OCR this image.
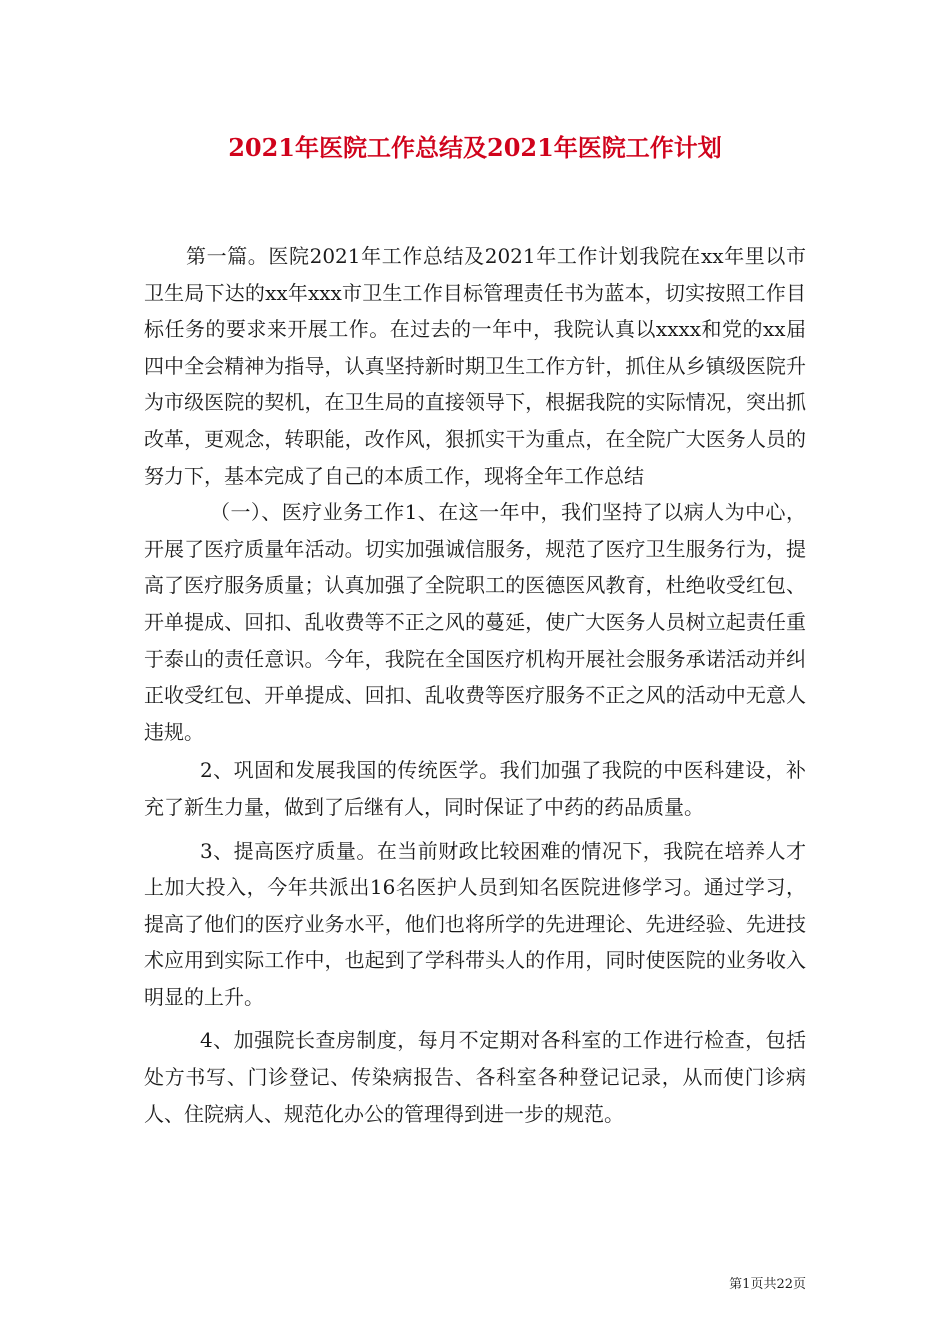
2021年医院工作总结及2021年医院工作计划

第一篇。医院2021年工作总结及2021年工作计划我院在xx年里以市卫生局下达的xx年xxx市卫生工作目标管理责任书为蓝本，切实按照工作目标任务的要求来开展工作。在过去的一年中，我院认真以xxxx和党的xx届四中全会精神为指导，认真坚持新时期卫生工作方针，抓住从乡镇级医院升为市级医院的契机，在卫生局的直接领导下，根据我院的实际情况，突出抓改革，更观念，转职能，改作风，狠抓实干为重点，在全院广大医务人员的努力下，基本完成了自己的本质工作，现将全年工作总结

（一）、医疗业务工作1、在这一年中，我们坚持了以病人为中心，开展了医疗质量年活动。切实加强诚信服务，规范了医疗卫生服务行为，提高了医疗服务质量；认真加强了全院职工的医德医风教育，杜绝收受红包、开单提成、回扣、乱收费等不正之风的蔓延，使广大医务人员树立起责任重于泰山的责任意识。今年，我院在全国医疗机构开展社会服务承诺活动并纠正收受红包、开单提成、回扣、乱收费等医疗服务不正之风的活动中无意人违规。

2、巩固和发展我国的传统医学。我们加强了我院的中医科建设，补充了新生力量，做到了后继有人，同时保证了中药的药品质量。

3、提高医疗质量。在当前财政比较困难的情况下，我院在培养人才上加大投入，今年共派出16名医护人员到知名医院进修学习。通过学习，提高了他们的医疗业务水平，他们也将所学的先进理论、先进经验、先进技术应用到实际工作中，也起到了学科带头人的作用，同时使医院的业务收入明显的上升。

4、加强院长查房制度，每月不定期对各科室的工作进行检查，包括处方书写、门诊登记、传染病报告、各科室各种登记记录，从而使门诊病人、住院病人、规范化办公的管理得到进一步的规范。

第1页共22页
